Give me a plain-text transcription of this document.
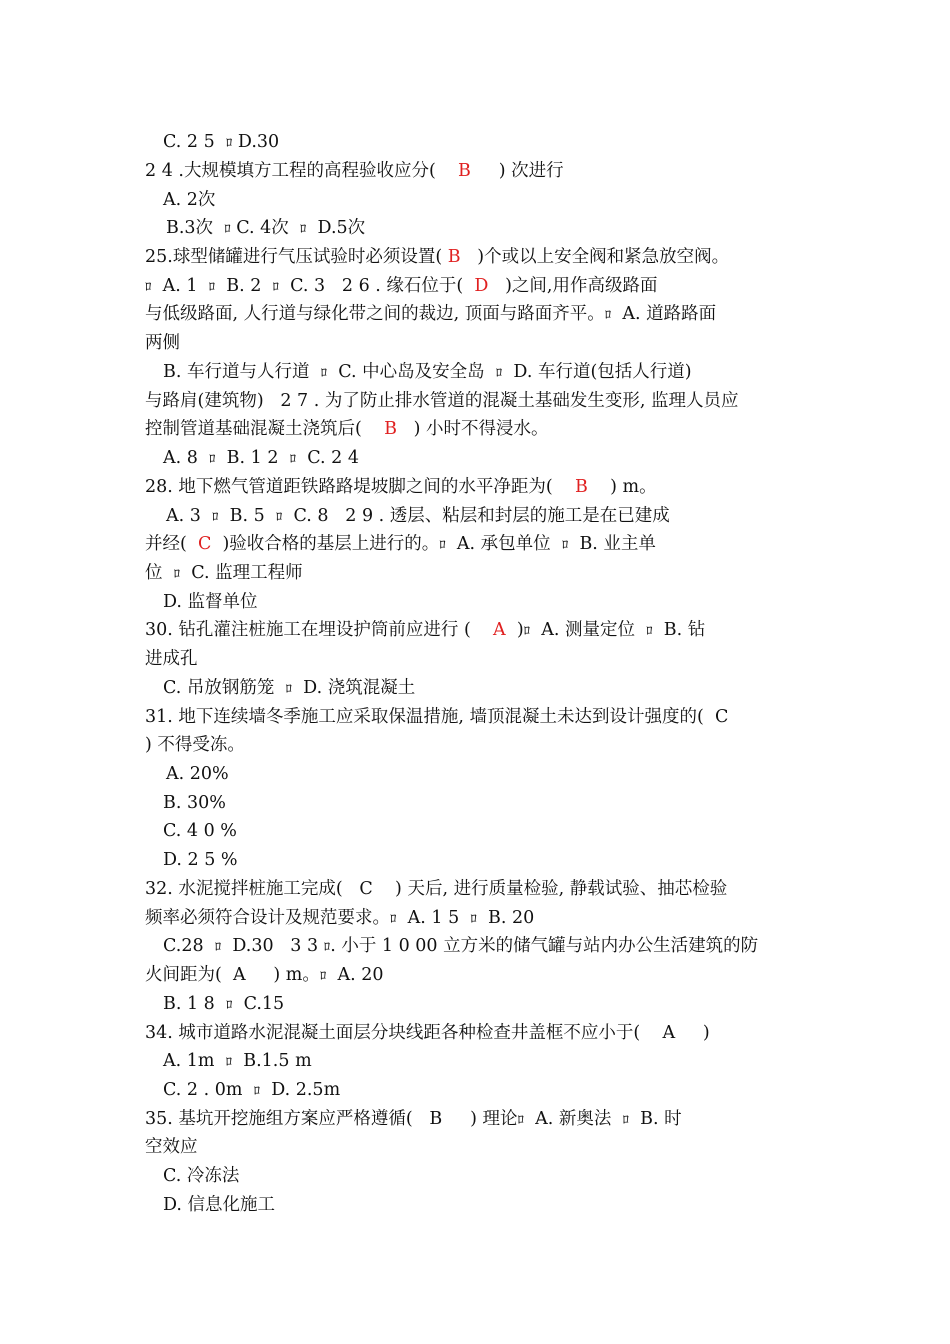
C. 2 5  ﾛ D.30
2 4 .大规模填方工程的高程验收应分(    B     ) 次进行
A. 2次
B.3次  ﾛ C. 4次  ﾛ  D.5次
25.球型储罐进行气压试验时必须设置( B   )个或以上安全阀和紧急放空阀。
ﾛ  A. 1  ﾛ  B. 2  ﾛ  C. 3   2 6 . 缘石位于(  D   )之间,用作高级路面
与低级路面, 人行道与绿化带之间的裁边, 顶面与路面齐平。ﾛ  A. 道路路面
两侧
B. 车行道与人行道  ﾛ  C. 中心岛及安全岛  ﾛ  D. 车行道(包括人行道)
与路肩(建筑物)   2 7 . 为了防止排水管道的混凝土基础发生变形, 监理人员应
控制管道基础混凝土浇筑后(    B   ) 小时不得浸水。
A. 8  ﾛ  B. 1 2  ﾛ  C. 2 4
28. 地下燃气管道距铁路路堤坡脚之间的水平净距为(    B    ) m。
A. 3  ﾛ  B. 5  ﾛ  C. 8   2 9 . 透层、粘层和封层的施工是在已建成
并经(  C  )验收合格的基层上进行的。ﾛ  A. 承包单位  ﾛ  B. 业主单
位  ﾛ  C. 监理工程师
D. 监督单位
30. 钻孔灌注桩施工在埋设护筒前应进行 (    A  )ﾛ  A. 测量定位  ﾛ  B. 钻
进成孔
C. 吊放钢筋笼  ﾛ  D. 浇筑混凝土
31. 地下连续墙冬季施工应采取保温措施, 墙顶混凝土未达到设计强度的(  C
) 不得受冻。
A. 20%
B. 30%
C. 4 0 %
D. 2 5 %
32. 水泥搅拌桩施工完成(   C    ) 天后, 进行质量检验, 静载试验、抽芯检验
频率必须符合设计及规范要求。ﾛ  A. 1 5  ﾛ  B. 20
C.28  ﾛ  D.30   3 3 ﾛ. 小于 1 0 00 立方米的储气罐与站内办公生活建筑的防
火间距为(  A     ) m。ﾛ  A. 20
B. 1 8  ﾛ  C.15
34. 城市道路水泥混凝土面层分块线距各种检查井盖框不应小于(    A     )
A. 1m  ﾛ  B.1.5 m
C. 2 . 0m  ﾛ  D. 2.5m
35. 基坑开挖施组方案应严格遵循(   B     ) 理论ﾛ  A. 新奥法  ﾛ  B. 时
空效应
C. 冷冻法
D. 信息化施工
